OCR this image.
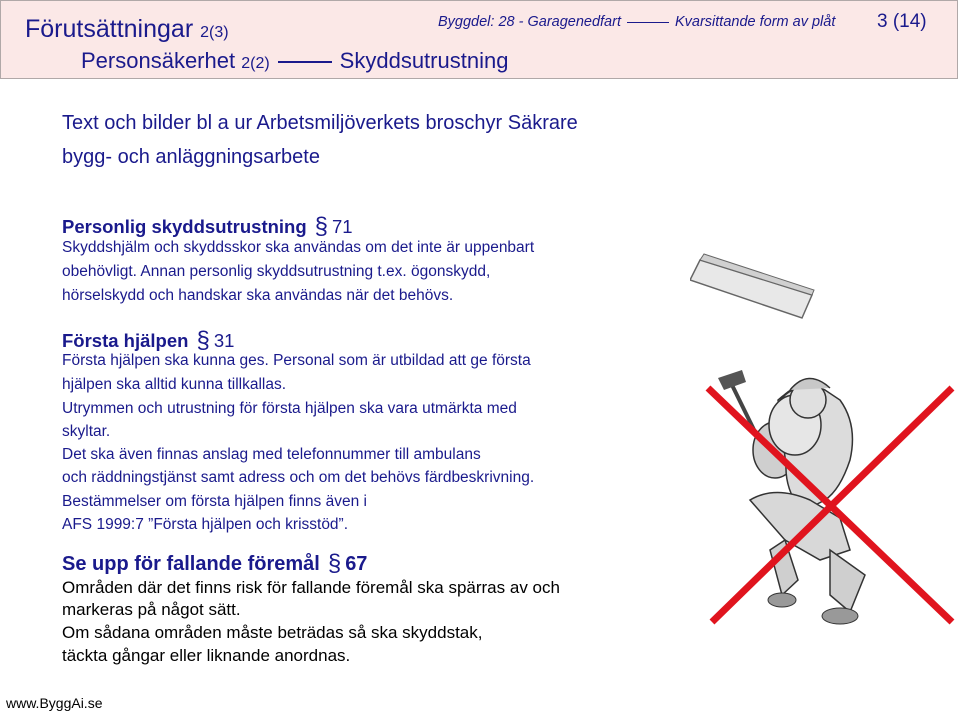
Förutsättningar 2(3)
Personsäkerhet 2(2)	Skyddsutrustning
Byggdel: 28 - Garagenedfart	Kvarsittande form av plåt 3 (14)
Text och bilder bl a ur Arbetsmiljöverkets broschyr Säkrare
bygg- och anläggningsarbete
Personlig skyddsutrustning § 71
Skyddshjälm och skyddsskor ska användas om det inte är uppenbart
obehövligt. Annan personlig skyddsutrustning t.ex. ögonskydd,
hörselskydd och handskar ska användas när det behövs.
Första hjälpen § 31
Första hjälpen ska kunna ges. Personal som är utbildad att ge första
hjälpen ska alltid kunna tillkallas.
Utrymmen och utrustning för första hjälpen ska vara utmärkta med
skyltar.
Det ska även finnas anslag med telefonnummer till ambulans
och räddningstjänst samt adress och om det behövs färdbeskrivning.
Bestämmelser om första hjälpen finns även i
AFS 1999:7 ”Första hjälpen och krisstöd”.
Se upp för fallande föremål § 67
Områden där det finns risk för fallande föremål ska spärras av och
markeras på något sätt.
Om sådana områden måste beträdas så ska skyddstak,
täckta gångar eller liknande anordnas.
www.ByggAi.se
